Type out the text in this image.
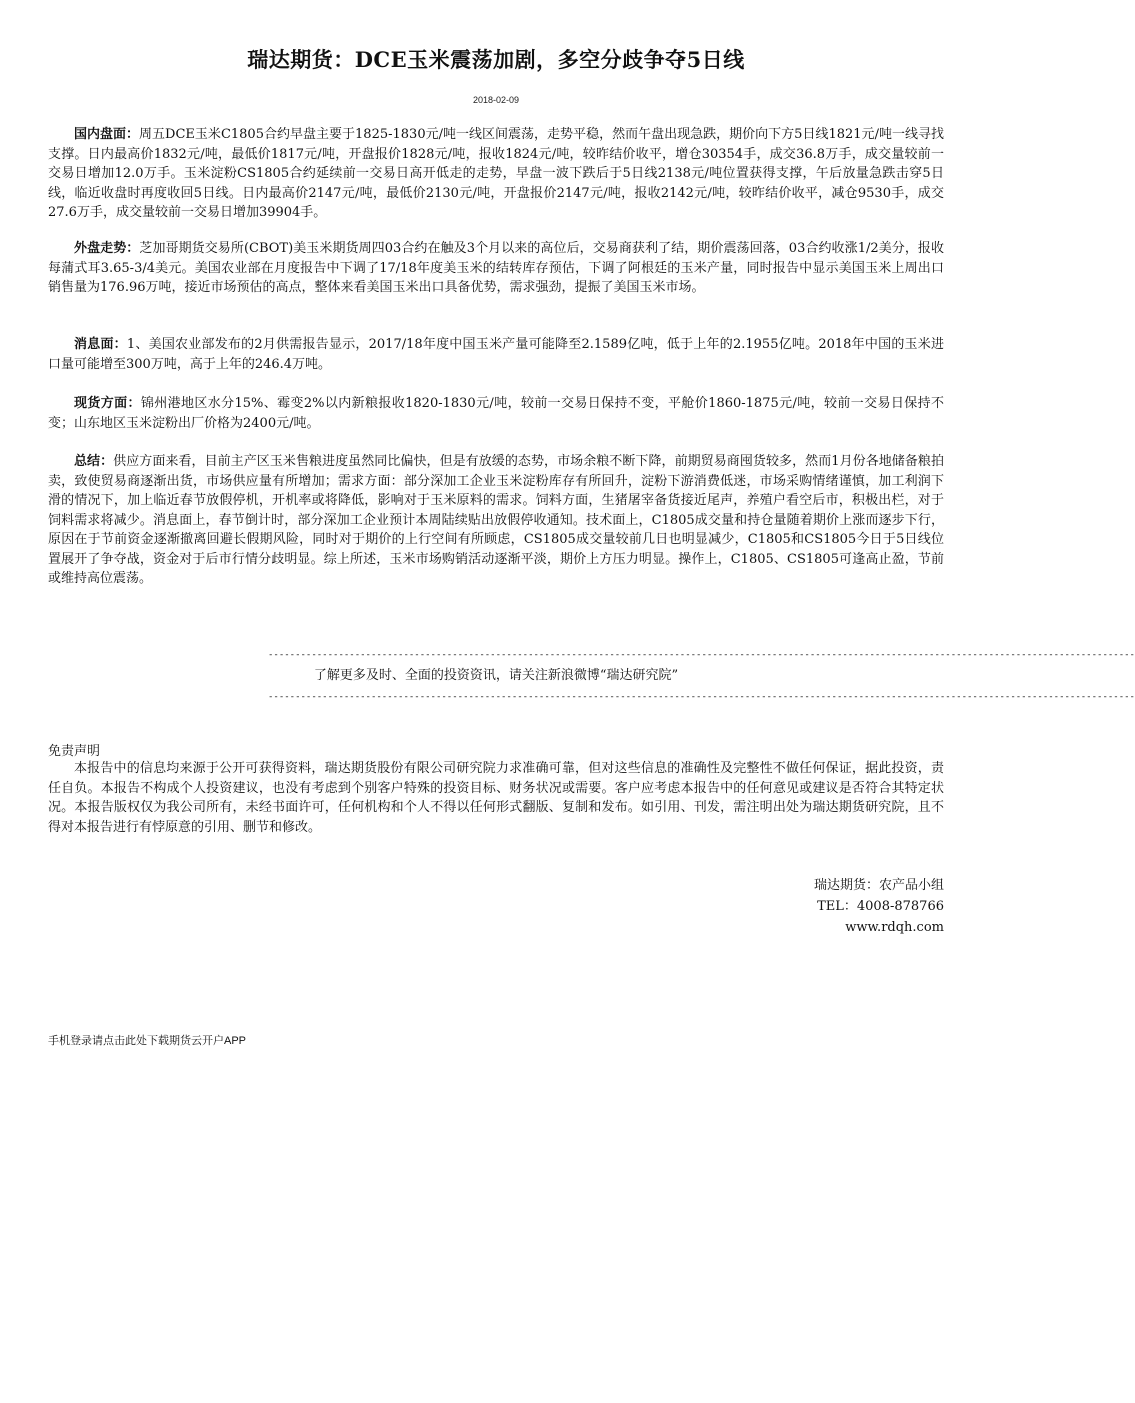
瑞达期货：DCE玉米震荡加剧，多空分歧争夺5日线
2018-02-09

国内盘面：周五DCE玉米C1805合约早盘主要于1825-1830元/吨一线区间震荡，走势平稳，然而午盘出现急跌，期价向下方5日线1821元/吨一线寻找支撑。日内最高价1832元/吨，最低价1817元/吨，开盘报价1828元/吨，报收1824元/吨，较昨结价收平，增仓30354手，成交36.8万手，成交量较前一交易日增加12.0万手。玉米淀粉CS1805合约延续前一交易日高开低走的走势，早盘一波下跌后于5日线2138元/吨位置获得支撑，午后放量急跌击穿5日线，临近收盘时再度收回5日线。日内最高价2147元/吨，最低价2130元/吨，开盘报价2147元/吨，报收2142元/吨，较昨结价收平，减仓9530手，成交27.6万手，成交量较前一交易日增加39904手。

外盘走势：芝加哥期货交易所(CBOT)美玉米期货周四03合约在触及3个月以来的高位后，交易商获利了结，期价震荡回落，03合约收涨1/2美分，报收每蒲式耳3.65-3/4美元。美国农业部在月度报告中下调了17/18年度美玉米的结转库存预估，下调了阿根廷的玉米产量，同时报告中显示美国玉米上周出口销售量为176.96万吨，接近市场预估的高点，整体来看美国玉米出口具备优势，需求强劲，提振了美国玉米市场。

消息面：1、美国农业部发布的2月供需报告显示，2017/18年度中国玉米产量可能降至2.1589亿吨，低于上年的2.1955亿吨。2018年中国的玉米进口量可能增至300万吨，高于上年的246.4万吨。

现货方面：锦州港地区水分15%、霉变2%以内新粮报收1820-1830元/吨，较前一交易日保持不变，平舱价1860-1875元/吨，较前一交易日保持不变；山东地区玉米淀粉出厂价格为2400元/吨。

总结：供应方面来看，目前主产区玉米售粮进度虽然同比偏快，但是有放缓的态势，市场余粮不断下降，前期贸易商囤货较多，然而1月份各地储备粮拍卖，致使贸易商逐渐出货，市场供应量有所增加；需求方面：部分深加工企业玉米淀粉库存有所回升，淀粉下游消费低迷，市场采购情绪谨慎，加工利润下滑的情况下，加上临近春节放假停机，开机率或将降低，影响对于玉米原料的需求。饲料方面，生猪屠宰备货接近尾声，养殖户看空后市，积极出栏，对于饲料需求将减少。消息面上，春节倒计时，部分深加工企业预计本周陆续贴出放假停收通知。技术面上，C1805成交量和持仓量随着期价上涨而逐步下行，原因在于节前资金逐渐撤离回避长假期风险，同时对于期价的上行空间有所顾虑，CS1805成交量较前几日也明显减少，C1805和CS1805今日于5日线位置展开了争夺战，资金对于后市行情分歧明显。综上所述，玉米市场购销活动逐渐平淡，期价上方压力明显。操作上，C1805、CS1805可逢高止盈，节前或维持高位震荡。

----------------------------------------------------------------------------------------------------------------------------------------------------------------
了解更多及时、全面的投资资讯，请关注新浪微博“瑞达研究院”
----------------------------------------------------------------------------------------------------------------------------------------------------------------
免责声明

本报告中的信息均来源于公开可获得资料，瑞达期货股份有限公司研究院力求准确可靠，但对这些信息的准确性及完整性不做任何保证，据此投资，责任自负。本报告不构成个人投资建议，也没有考虑到个别客户特殊的投资目标、财务状况或需要。客户应考虑本报告中的任何意见或建议是否符合其特定状况。本报告版权仅为我公司所有，未经书面许可，任何机构和个人不得以任何形式翻版、复制和发布。如引用、刊发，需注明出处为瑞达期货研究院，且不得对本报告进行有悖原意的引用、删节和修改。

瑞达期货：农产品小组
TEL：4008-878766
www.rdqh.com
手机登录请点击此处下载期货云开户APP
